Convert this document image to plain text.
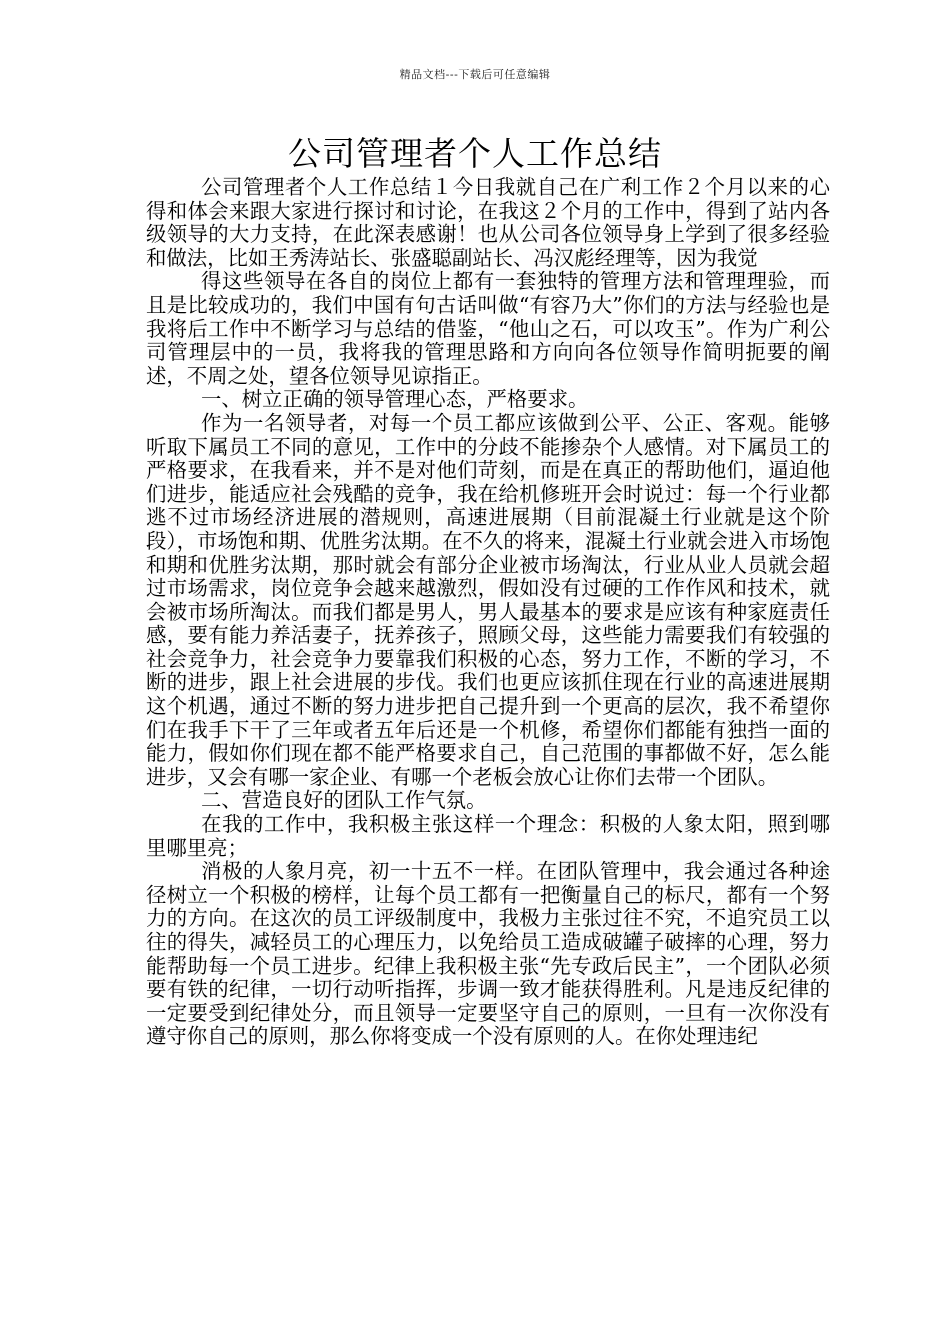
精品文档---下载后可任意编辑
公司管理者个人工作总结

公司管理者个人工作总结１今日我就自己在广利工作２个月以来的心得和体会来跟大家进行探讨和讨论，在我这２个月的工作中，得到了站内各级领导的大力支持，在此深表感谢！也从公司各位领导身上学到了很多经验和做法，比如王秀涛站长、张盛聪副站长、冯汉彪经理等，因为我觉

得这些领导在各自的岗位上都有一套独特的管理方法和管理理验，而且是比较成功的，我们中国有句古话叫做“有容乃大”你们的方法与经验也是我将后工作中不断学习与总结的借鉴，“他山之石，可以攻玉”。作为广利公司管理层中的一员，我将我的管理思路和方向向各位领导作简明扼要的阐述，不周之处，望各位领导见谅指正。

一、树立正确的领导管理心态，严格要求。

作为一名领导者，对每一个员工都应该做到公平、公正、客观。能够听取下属员工不同的意见，工作中的分歧不能掺杂个人感情。对下属员工的严格要求，在我看来，并不是对他们苛刻，而是在真正的帮助他们，逼迫他们进步，能适应社会残酷的竞争，我在给机修班开会时说过：每一个行业都逃不过市场经济进展的潜规则，高速进展期（目前混凝土行业就是这个阶段），市场饱和期、优胜劣汰期。在不久的将来，混凝土行业就会进入市场饱和期和优胜劣汰期，那时就会有部分企业被市场淘汰，行业从业人员就会超过市场需求，岗位竞争会越来越激烈，假如没有过硬的工作作风和技术，就会被市场所淘汰。而我们都是男人，男人最基本的要求是应该有种家庭责任感，要有能力养活妻子，抚养孩子，照顾父母，这些能力需要我们有较强的社会竞争力，社会竞争力要靠我们积极的心态，努力工作，不断的学习，不断的进步，跟上社会进展的步伐。我们也更应该抓住现在行业的高速进展期这个机遇，通过不断的努力进步把自己提升到一个更高的层次，我不希望你们在我手下干了三年或者五年后还是一个机修，希望你们都能有独挡一面的能力，假如你们现在都不能严格要求自己，自己范围的事都做不好，怎么能进步，又会有哪一家企业、有哪一个老板会放心让你们去带一个团队。

二、营造良好的团队工作气氛。

在我的工作中，我积极主张这样一个理念：积极的人象太阳，照到哪里哪里亮；

消极的人象月亮，初一十五不一样。在团队管理中，我会通过各种途径树立一个积极的榜样，让每个员工都有一把衡量自己的标尺，都有一个努力的方向。在这次的员工评级制度中，我极力主张过往不究，不追究员工以往的得失，减轻员工的心理压力，以免给员工造成破罐子破摔的心理，努力能帮助每一个员工进步。纪律上我积极主张“先专政后民主”，一个团队必须要有铁的纪律，一切行动听指挥，步调一致才能获得胜利。凡是违反纪律的一定要受到纪律处分，而且领导一定要坚守自己的原则，一旦有一次你没有遵守你自己的原则，那么你将变成一个没有原则的人。在你处理违纪
